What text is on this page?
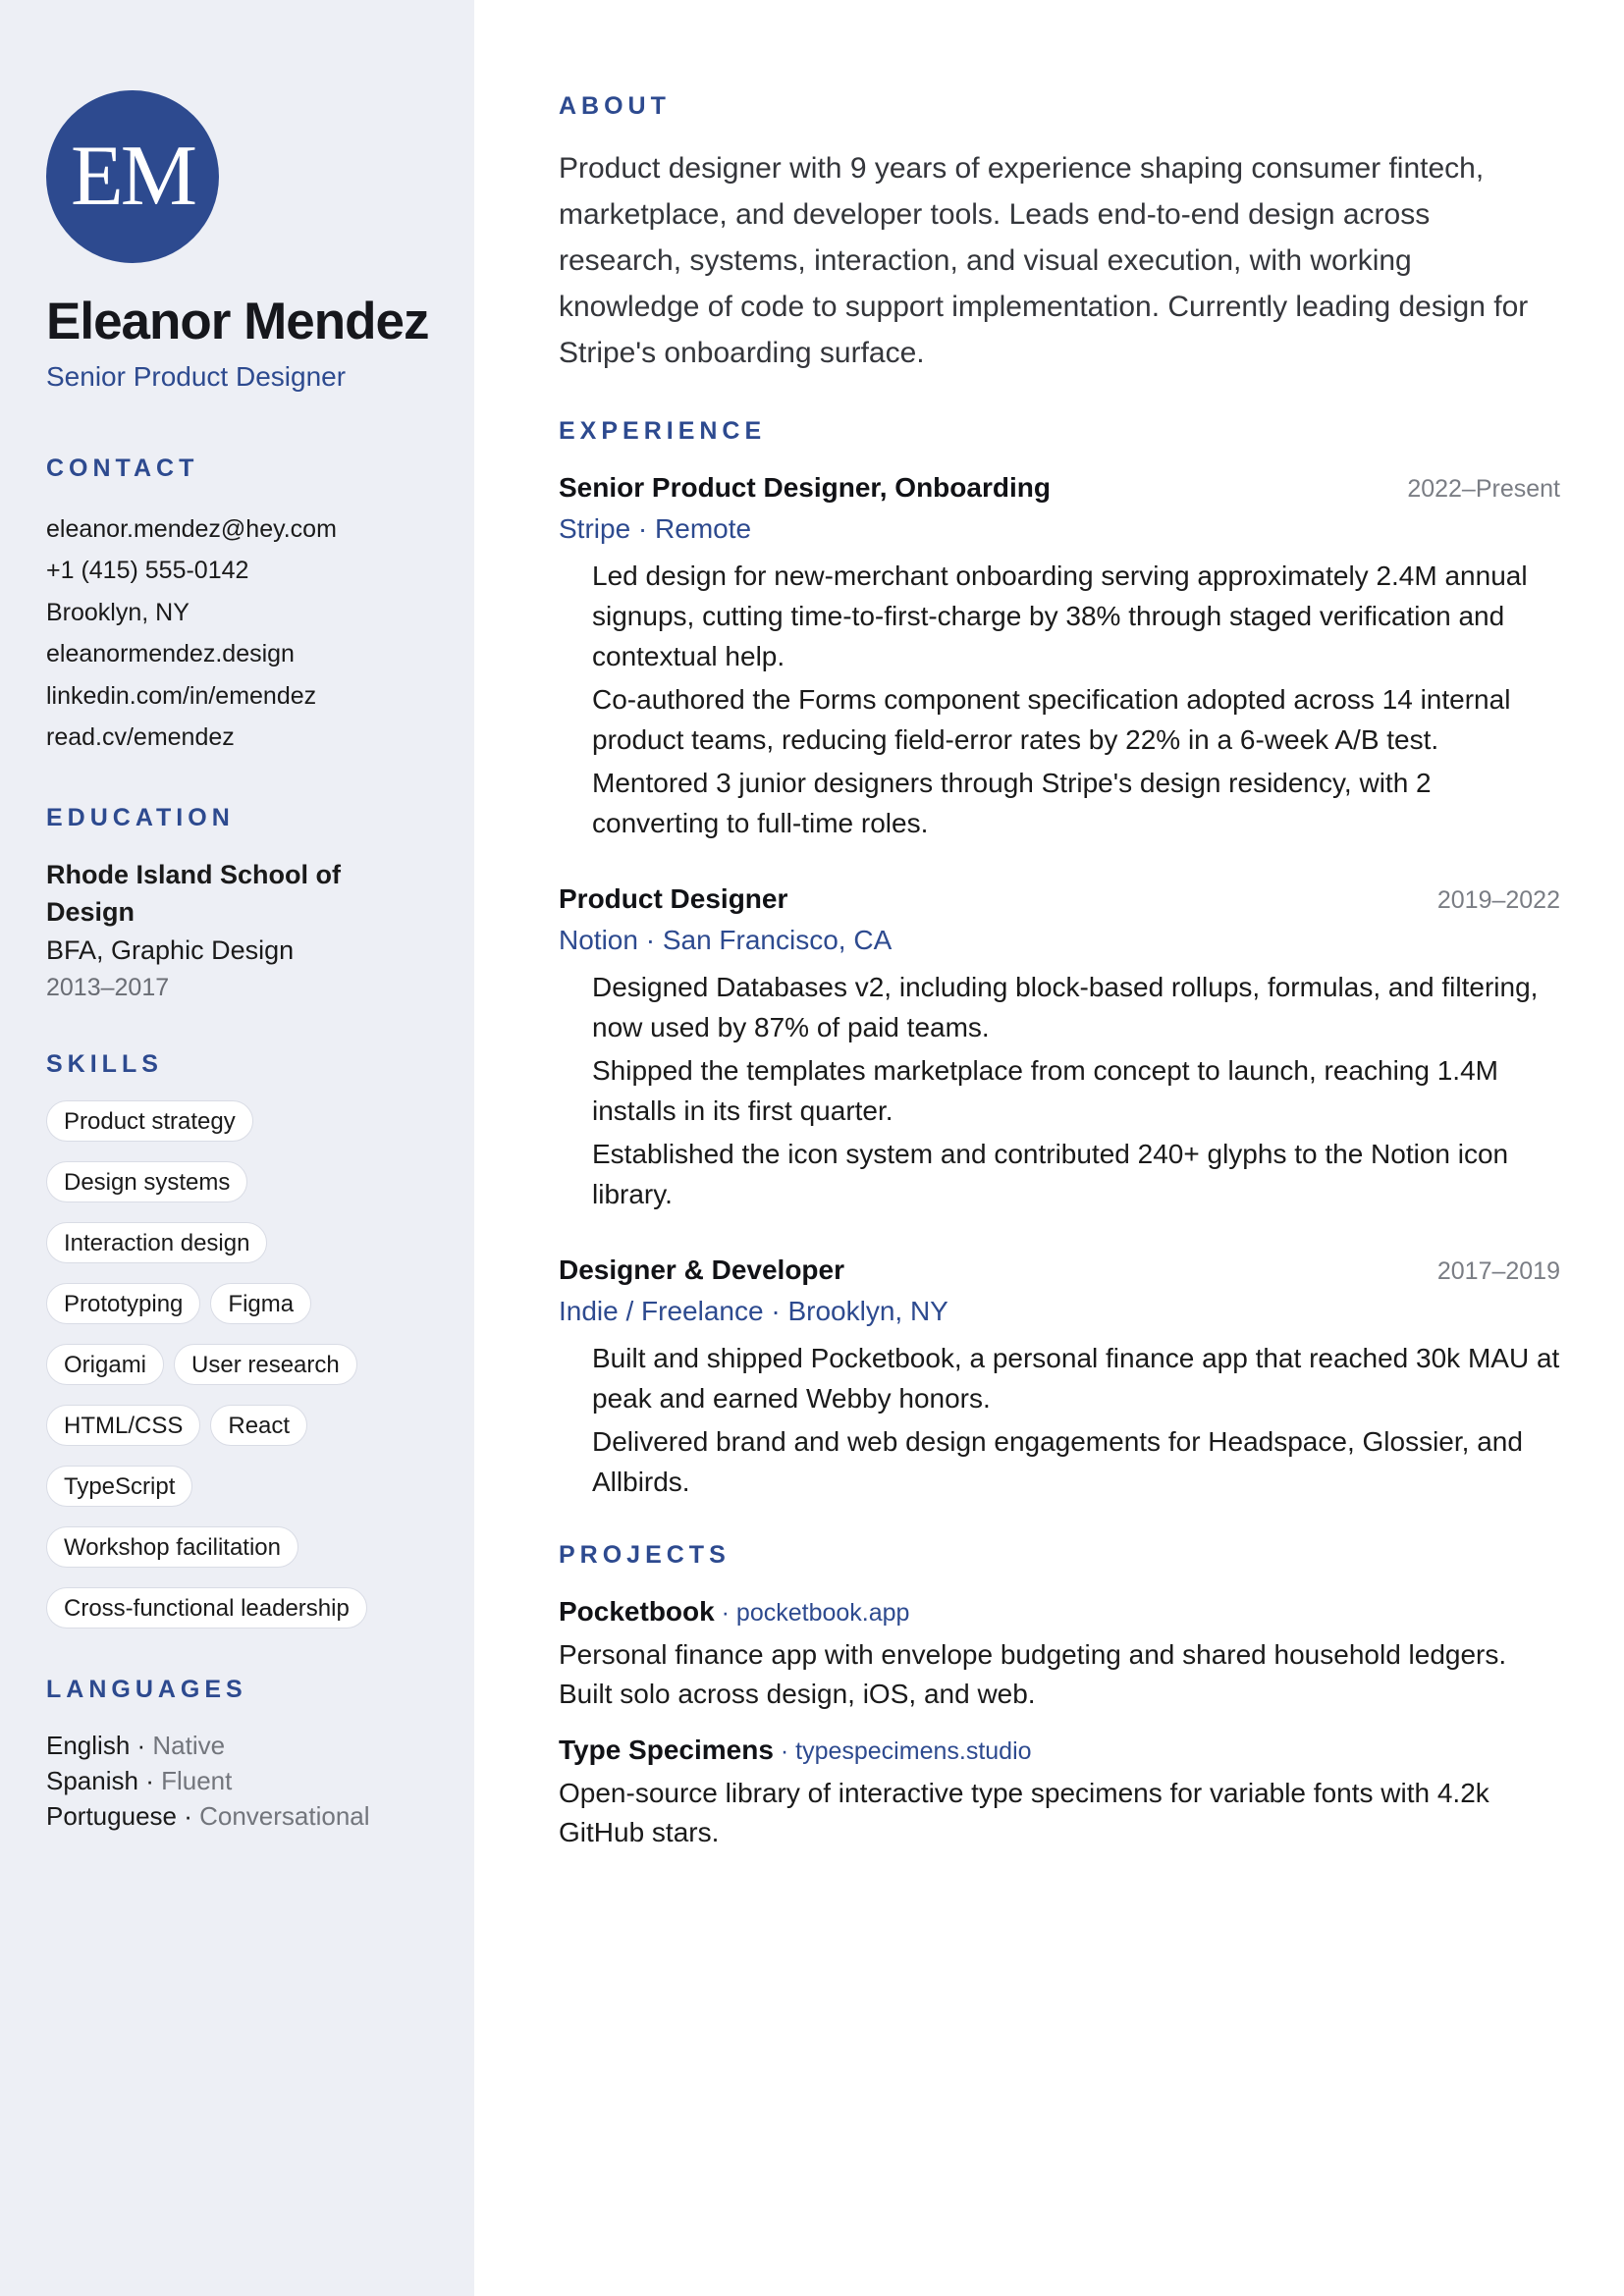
EM
Eleanor Mendez
Senior Product Designer
CONTACT
eleanor.mendez@hey.com
+1 (415) 555-0142
Brooklyn, NY
eleanormendez.design
linkedin.com/in/emendez
read.cv/emendez
EDUCATION
Rhode Island School of Design
BFA, Graphic Design
2013–2017
SKILLS
Product strategy
Design systems
Interaction design
Prototyping	Figma
Origami	User research
HTML/CSS	React
TypeScript
Workshop facilitation
Cross-functional leadership
LANGUAGES
English · Native
Spanish · Fluent
Portuguese · Conversational
ABOUT
Product designer with 9 years of experience shaping consumer fintech, marketplace, and developer tools. Leads end-to-end design across research, systems, interaction, and visual execution, with working knowledge of code to support implementation. Currently leading design for Stripe's onboarding surface.
EXPERIENCE
Senior Product Designer, Onboarding	2022–Present
Stripe · Remote
Led design for new-merchant onboarding serving approximately 2.4M annual signups, cutting time-to-first-charge by 38% through staged verification and contextual help.
Co-authored the Forms component specification adopted across 14 internal product teams, reducing field-error rates by 22% in a 6-week A/B test.
Mentored 3 junior designers through Stripe's design residency, with 2 converting to full-time roles.
Product Designer	2019–2022
Notion · San Francisco, CA
Designed Databases v2, including block-based rollups, formulas, and filtering, now used by 87% of paid teams.
Shipped the templates marketplace from concept to launch, reaching 1.4M installs in its first quarter.
Established the icon system and contributed 240+ glyphs to the Notion icon library.
Designer & Developer	2017–2019
Indie / Freelance · Brooklyn, NY
Built and shipped Pocketbook, a personal finance app that reached 30k MAU at peak and earned Webby honors.
Delivered brand and web design engagements for Headspace, Glossier, and Allbirds.
PROJECTS
Pocketbook · pocketbook.app
Personal finance app with envelope budgeting and shared household ledgers. Built solo across design, iOS, and web.
Type Specimens · typespecimens.studio
Open-source library of interactive type specimens for variable fonts with 4.2k GitHub stars.
